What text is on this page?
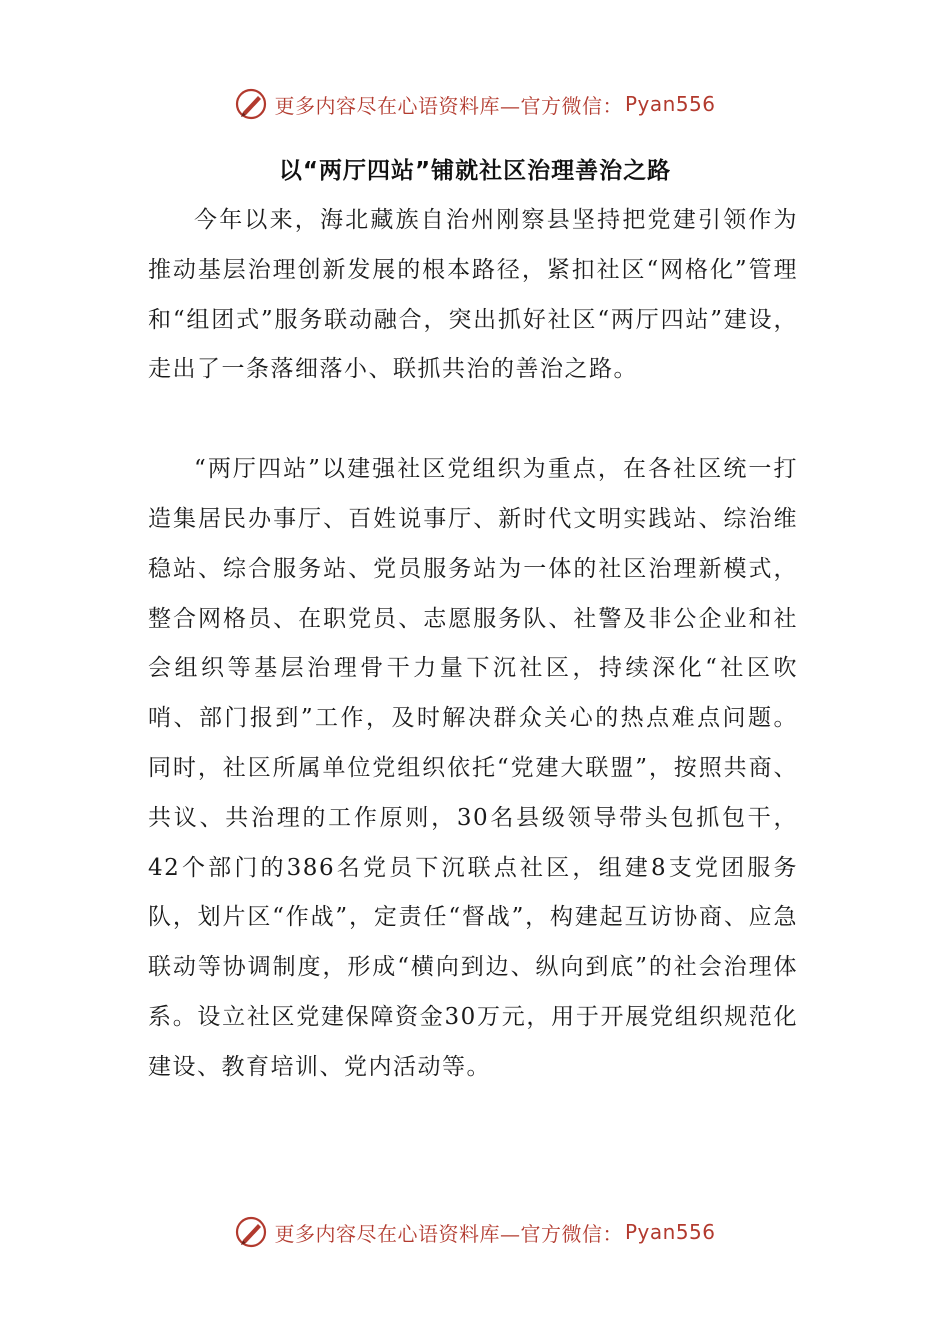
更多内容尽在心语资料库—官方微信： Pyan556
以“两厅四站”铺就社区治理善治之路

今年以来，海北藏族自治州刚察县坚持把党建引领作为推动基层治理创新发展的根本路径，紧扣社区“网格化”管理和“组团式”服务联动融合，突出抓好社区“两厅四站”建设，走出了一条落细落小、联抓共治的善治之路。

“两厅四站”以建强社区党组织为重点，在各社区统一打造集居民办事厅、百姓说事厅、新时代文明实践站、综治维稳站、综合服务站、党员服务站为一体的社区治理新模式，整合网格员、在职党员、志愿服务队、社警及非公企业和社会组织等基层治理骨干力量下沉社区，持续深化“社区吹哨、部门报到”工作，及时解决群众关心的热点难点问题。同时，社区所属单位党组织依托“党建大联盟”，按照共商、共议、共治理的工作原则，30名县级领导带头包抓包干，42个部门的386名党员下沉联点社区，组建8支党团服务队，划片区“作战”，定责任“督战”，构建起互访协商、应急联动等协调制度，形成“横向到边、纵向到底”的社会治理体系。设立社区党建保障资金30万元，用于开展党组织规范化建设、教育培训、党内活动等。

更多内容尽在心语资料库—官方微信： Pyan556
